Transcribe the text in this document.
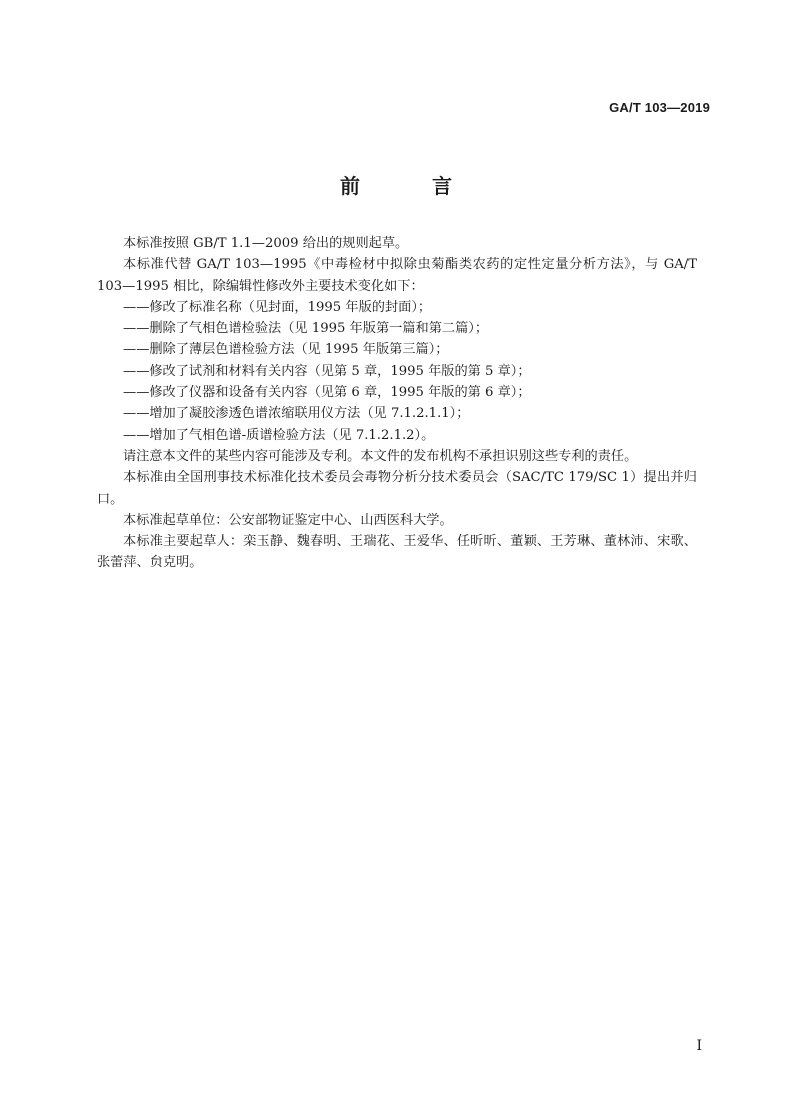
GA/T 103—2019
前　言

本标准按照 GB/T 1.1—2009 给出的规则起草。

本标准代替 GA/T 103—1995《中毒检材中拟除虫菊酯类农药的定性定量分析方法》，与 GA/T 103—1995 相比，除编辑性修改外主要技术变化如下：

——修改了标准名称（见封面，1995 年版的封面）；

——删除了气相色谱检验法（见 1995 年版第一篇和第二篇）；

——删除了薄层色谱检验方法（见 1995 年版第三篇）；

——修改了试剂和材料有关内容（见第 5 章，1995 年版的第 5 章）；

——修改了仪器和设备有关内容（见第 6 章，1995 年版的第 6 章）；

——增加了凝胶渗透色谱浓缩联用仪方法（见 7.1.2.1.1）；

——增加了气相色谱-质谱检验方法（见 7.1.2.1.2）。

请注意本文件的某些内容可能涉及专利。本文件的发布机构不承担识别这些专利的责任。

本标准由全国刑事技术标准化技术委员会毒物分析分技术委员会（SAC/TC 179/SC 1）提出并归口。

本标准起草单位：公安部物证鉴定中心、山西医科大学。

本标准主要起草人：栾玉静、魏春明、王瑞花、王爱华、任昕昕、董颖、王芳琳、董林沛、宋歌、张蕾萍、贠克明。

I
